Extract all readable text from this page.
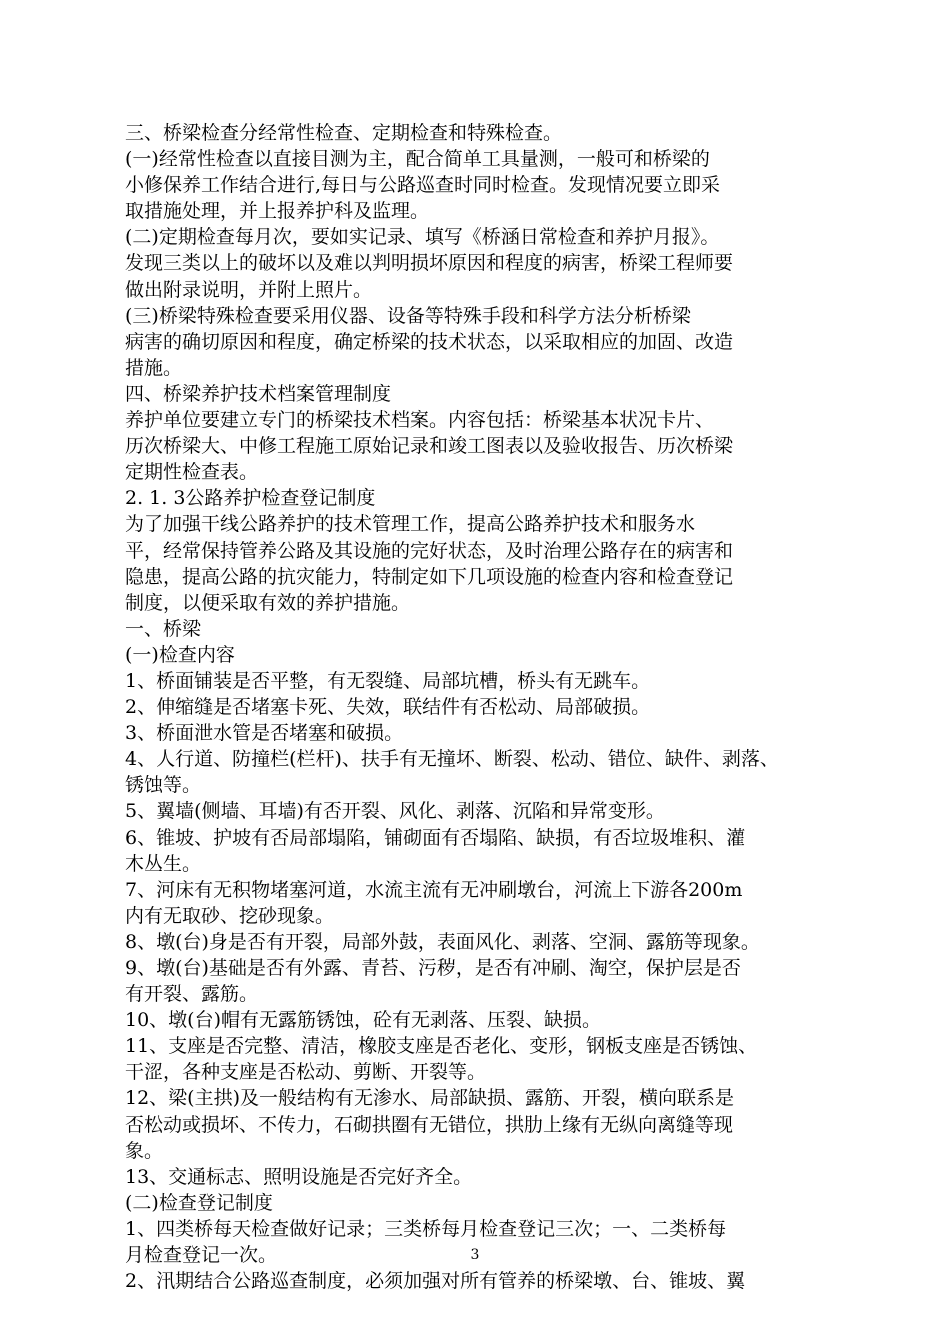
三、桥梁检查分经常性检查、定期检查和特殊检查。
(一)经常性检查以直接目测为主，配合简单工具量测，一般可和桥梁的
小修保养工作结合进行,每日与公路巡查时同时检查。发现情况要立即采
取措施处理，并上报养护科及监理。
(二)定期检查每月次，要如实记录、填写《桥涵日常检查和养护月报》。
发现三类以上的破坏以及难以判明损坏原因和程度的病害，桥梁工程师要
做出附录说明，并附上照片。
(三)桥梁特殊检查要采用仪器、设备等特殊手段和科学方法分析桥梁
病害的确切原因和程度，确定桥梁的技术状态，以采取相应的加固、改造
措施。
四、桥梁养护技术档案管理制度
养护单位要建立专门的桥梁技术档案。内容包括：桥梁基本状况卡片、
历次桥梁大、中修工程施工原始记录和竣工图表以及验收报告、历次桥梁
定期性检查表。
2. 1. 3公路养护检查登记制度
为了加强干线公路养护的技术管理工作，提高公路养护技术和服务水
平，经常保持管养公路及其设施的完好状态，及时治理公路存在的病害和
隐患，提高公路的抗灾能力，特制定如下几项设施的检查内容和检查登记
制度，以便采取有效的养护措施。
一、桥梁
(一)检查内容
1、桥面铺装是否平整，有无裂缝、局部坑槽，桥头有无跳车。
2、伸缩缝是否堵塞卡死、失效，联结件有否松动、局部破损。
3、桥面泄水管是否堵塞和破损。
4、人行道、防撞栏(栏杆)、扶手有无撞坏、断裂、松动、错位、缺件、剥落、
锈蚀等。
5、翼墙(侧墙、耳墙)有否开裂、风化、剥落、沉陷和异常变形。
6、锥坡、护坡有否局部塌陷，铺砌面有否塌陷、缺损，有否垃圾堆积、灌
木丛生。
7、河床有无积物堵塞河道，水流主流有无冲刷墩台，河流上下游各200m
内有无取砂、挖砂现象。
8、墩(台)身是否有开裂，局部外鼓，表面风化、剥落、空洞、露筋等现象。
9、墩(台)基础是否有外露、青苔、污秽，是否有冲刷、淘空，保护层是否
有开裂、露筋。
10、墩(台)帽有无露筋锈蚀，砼有无剥落、压裂、缺损。
11、支座是否完整、清洁，橡胶支座是否老化、变形，钢板支座是否锈蚀、
干涩，各种支座是否松动、剪断、开裂等。
12、梁(主拱)及一般结构有无渗水、局部缺损、露筋、开裂，横向联系是
否松动或损坏、不传力，石砌拱圈有无错位，拱肋上缘有无纵向离缝等现
象。
13、交通标志、照明设施是否完好齐全。
(二)检查登记制度
1、四类桥每天检查做好记录；三类桥每月检查登记三次；一、二类桥每
月检查登记一次。
2、汛期结合公路巡查制度，必须加强对所有管养的桥梁墩、台、锥坡、翼
3
